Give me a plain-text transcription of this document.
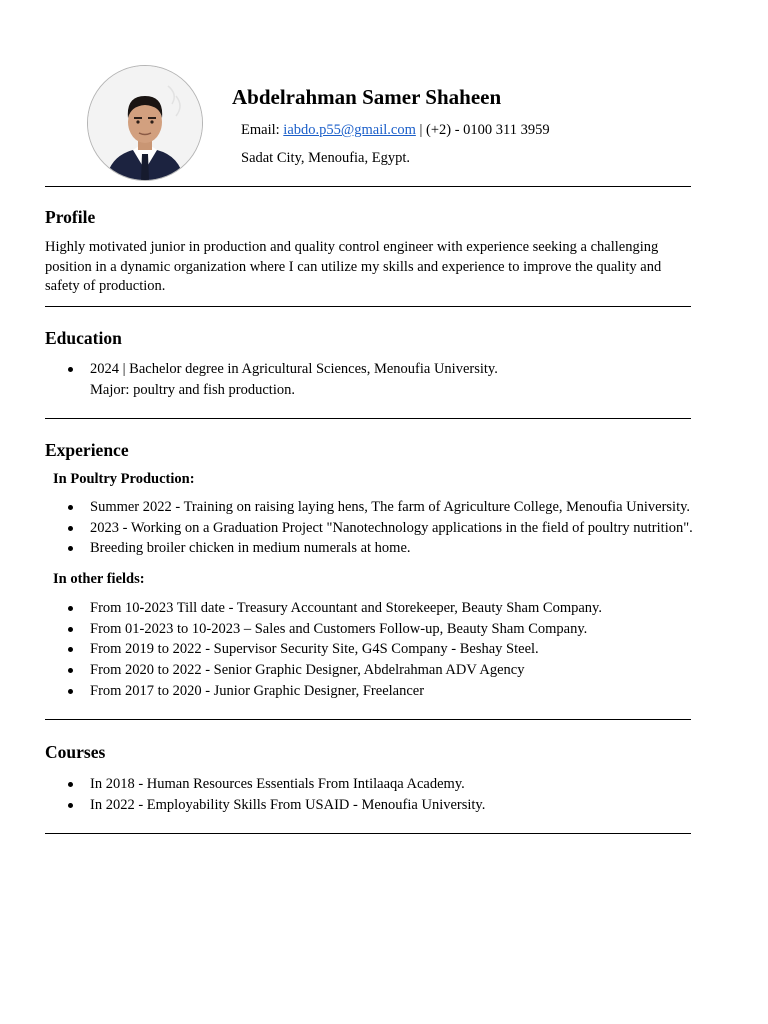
Abdelrahman Samer Shaheen
Email: iabdo.p55@gmail.com | (+2) - 0100 311 3959
Sadat City, Menoufia, Egypt.
Profile

Highly motivated junior in production and quality control engineer with experience seeking a challenging position in a dynamic organization where I can utilize my skills and experience to improve the quality and safety of production.

Education
2024 | Bachelor degree in Agricultural Sciences, Menoufia University.
Major: poultry and fish production.
Experience
In Poultry Production:
Summer 2022 - Training on raising laying hens, The farm of Agriculture College, Menoufia University.
2023 - Working on a Graduation Project "Nanotechnology applications in the field of poultry nutrition".
Breeding broiler chicken in medium numerals at home.
In other fields:
From 10-2023 Till date - Treasury Accountant and Storekeeper, Beauty Sham Company.
From 01-2023 to 10-2023 – Sales and Customers Follow-up, Beauty Sham Company.
From 2019 to 2022 - Supervisor Security Site, G4S Company - Beshay Steel.
From 2020 to 2022 - Senior Graphic Designer, Abdelrahman ADV Agency
From 2017 to 2020 - Junior Graphic Designer, Freelancer
Courses
In 2018 - Human Resources Essentials From Intilaaqa Academy.
In 2022 - Employability Skills From USAID - Menoufia University.
